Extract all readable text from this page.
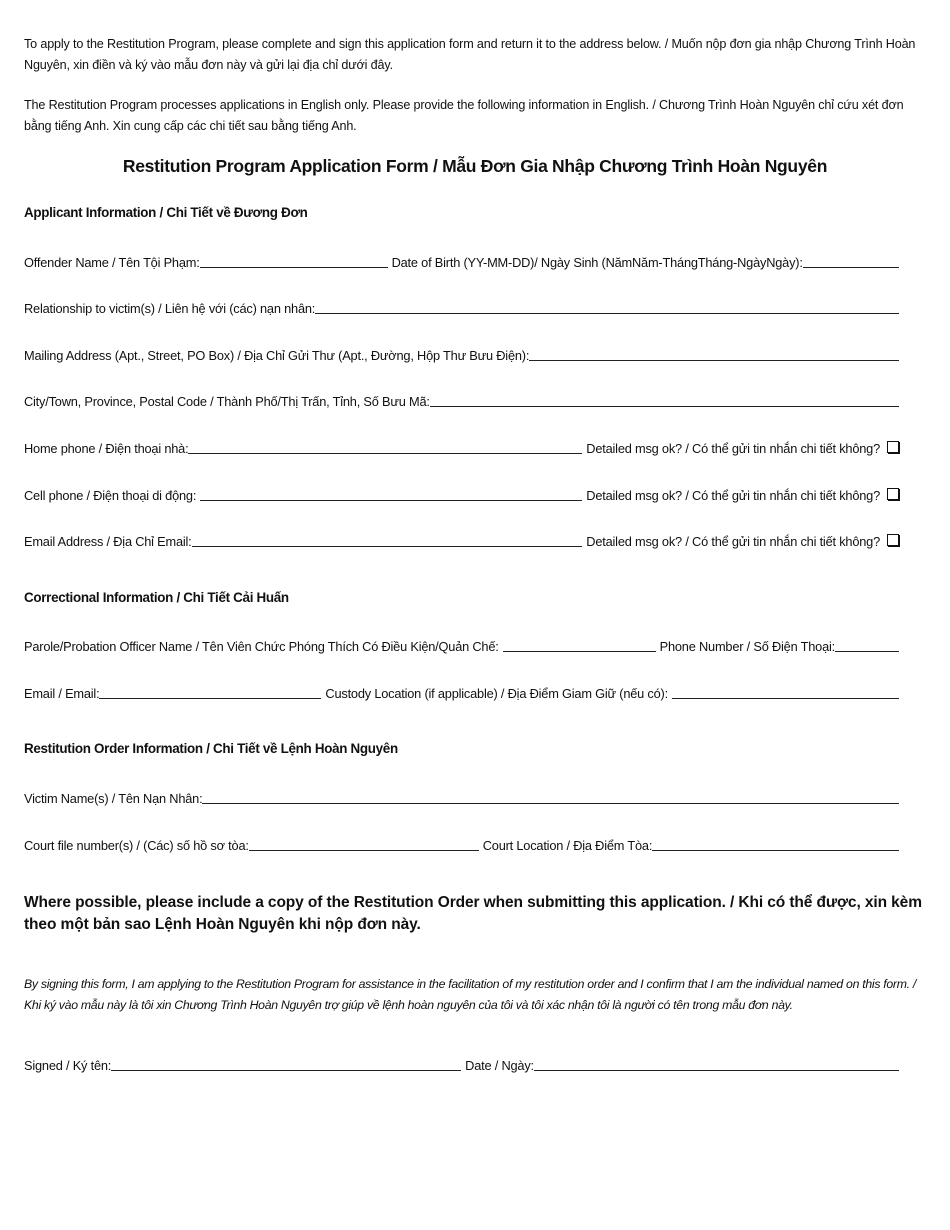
To apply to the Restitution Program, please complete and sign this application form and return it to the address below. / Muốn nộp đơn gia nhập Chương Trình Hoàn Nguyên, xin điền và ký vào mẫu đơn này và gửi lại địa chỉ dưới đây.
The Restitution Program processes applications in English only. Please provide the following information in English. / Chương Trình Hoàn Nguyên chỉ cứu xét đơn bằng tiếng Anh. Xin cung cấp các chi tiết sau bằng tiếng Anh.
Restitution Program Application Form / Mẫu Đơn Gia Nhập Chương Trình Hoàn Nguyên
Applicant Information / Chi Tiết về Đương Đơn
Offender Name / Tên Tội Phạm:	Date of Birth (YY-MM-DD)/ Ngày Sinh (NămNăm-ThángTháng-NgàyNgày):
Relationship to victim(s) / Liên hệ với (các) nạn nhân:
Mailing Address (Apt., Street, PO Box) / Địa Chỉ Gửi Thư (Apt., Đường, Hộp Thư Bưu Điện):
City/Town, Province, Postal Code / Thành Phố/Thị Trấn, Tỉnh, Số Bưu Mã:
Home phone / Điện thoại nhà:	Detailed msg ok? / Có thể gửi tin nhắn chi tiết không?
Cell phone / Điện thoại di động:	Detailed msg ok? / Có thể gửi tin nhắn chi tiết không?
Email Address / Địa Chỉ Email:	Detailed msg ok? / Có thể gửi tin nhắn chi tiết không?
Correctional Information / Chi Tiết Cải Huấn
Parole/Probation Officer Name / Tên Viên Chức Phóng Thích Có Điều Kiện/Quản Chế:	Phone Number / Số Điện Thoại:
Email / Email:	Custody Location (if applicable) / Địa Điểm Giam Giữ (nếu có):
Restitution Order Information / Chi Tiết về Lệnh Hoàn Nguyên
Victim Name(s) / Tên Nạn Nhân:
Court file number(s) / (Các) số hồ sơ tòa:	Court Location / Địa Điểm Tòa:
Where possible, please include a copy of the Restitution Order when submitting this application. / Khi có thể được, xin kèm theo một bản sao Lệnh Hoàn Nguyên khi nộp đơn này.
By signing this form, I am applying to the Restitution Program for assistance in the facilitation of my restitution order and I confirm that I am the individual named on this form. / Khi ký vào mẫu này là tôi xin Chương Trình Hoàn Nguyên trợ giúp về lệnh hoàn nguyên của tôi và tôi xác nhận tôi là người có tên trong mẫu đơn này.
Signed / Ký tên:	Date / Ngày:
